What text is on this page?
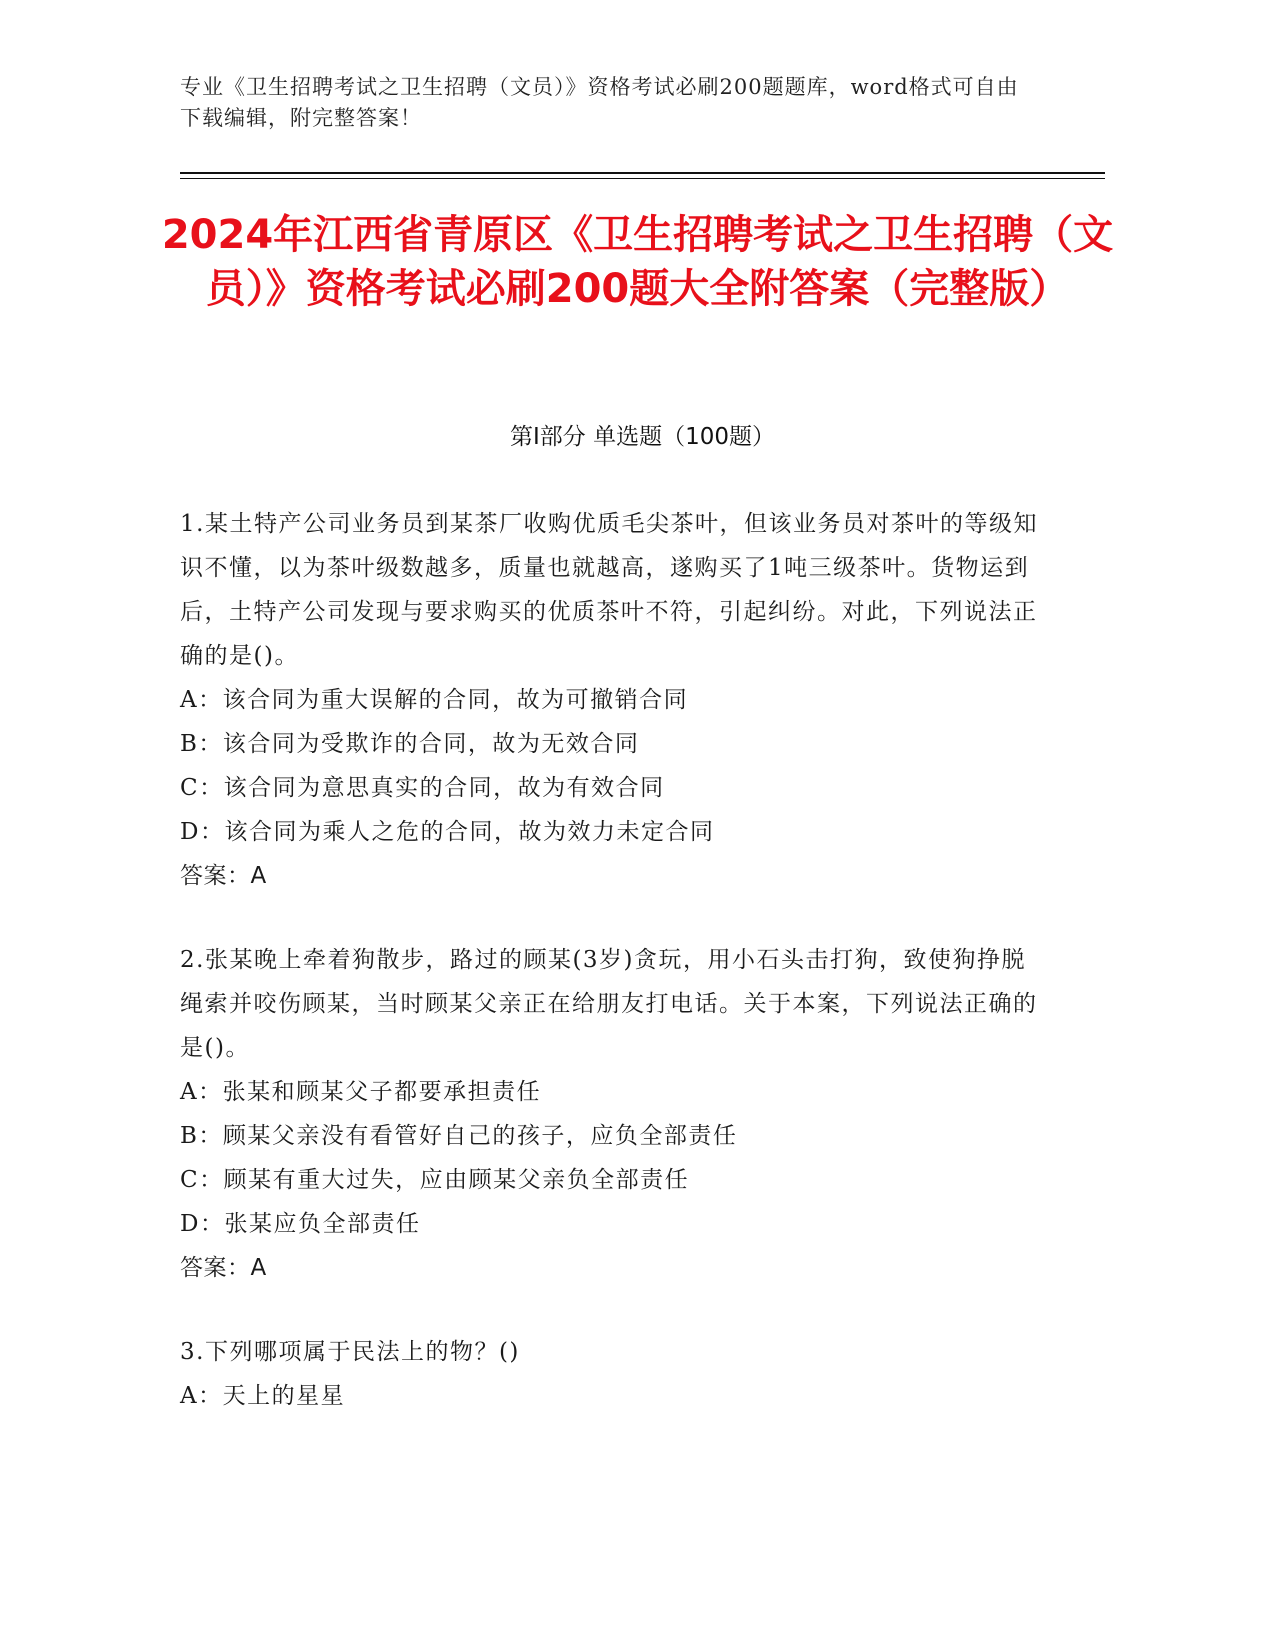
专业《卫生招聘考试之卫生招聘（文员）》资格考试必刷200题题库，word格式可自由下载编辑，附完整答案！
2024年江西省青原区《卫生招聘考试之卫生招聘（文员）》资格考试必刷200题大全附答案（完整版）
第I部分 单选题（100题）
1.某土特产公司业务员到某茶厂收购优质毛尖茶叶，但该业务员对茶叶的等级知识不懂，以为茶叶级数越多，质量也就越高，遂购买了1吨三级茶叶。货物运到后，土特产公司发现与要求购买的优质茶叶不符，引起纠纷。对此，下列说法正确的是()。
A：该合同为重大误解的合同，故为可撤销合同
B：该合同为受欺诈的合同，故为无效合同
C：该合同为意思真实的合同，故为有效合同
D：该合同为乘人之危的合同，故为效力未定合同
答案：A
2.张某晚上牵着狗散步，路过的顾某(3岁)贪玩，用小石头击打狗，致使狗挣脱绳索并咬伤顾某，当时顾某父亲正在给朋友打电话。关于本案，下列说法正确的是()。
A：张某和顾某父子都要承担责任
B：顾某父亲没有看管好自己的孩子，应负全部责任
C：顾某有重大过失，应由顾某父亲负全部责任
D：张某应负全部责任
答案：A
3.下列哪项属于民法上的物？()
A：天上的星星
